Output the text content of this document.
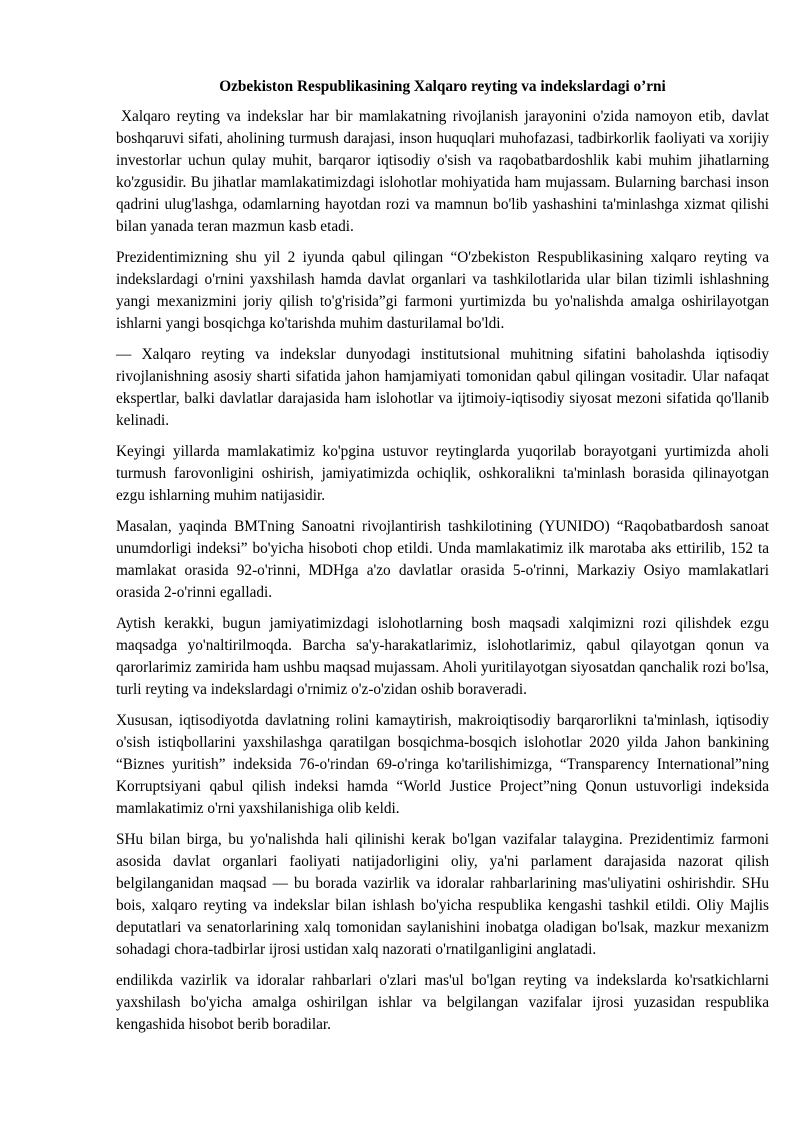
Ozbekiston Respublikasining Xalqaro reyting va indekslardagi o’rni

Xalqaro reyting va indekslar har bir mamlakatning rivojlanish jarayonini o'zida namoyon etib, davlat boshqaruvi sifati, aholining turmush darajasi, inson huquqlari muhofazasi, tadbirkorlik faoliyati va xorijiy investorlar uchun qulay muhit, barqaror iqtisodiy o'sish va raqobatbardoshlik kabi muhim jihatlarning ko'zgusidir. Bu jihatlar mamlakatimizdagi islohotlar mohiyatida ham mujassam. Bularning barchasi inson qadrini ulug'lashga, odamlarning hayotdan rozi va mamnun bo'lib yashashini ta'minlashga xizmat qilishi bilan yanada teran mazmun kasb etadi.

Prezidentimizning shu yil 2 iyunda qabul qilingan “O'zbekiston Respublikasining xalqaro reyting va indekslardagi o'rnini yaxshilash hamda davlat organlari va tashkilotlarida ular bilan tizimli ishlashning yangi mexanizmini joriy qilish to'g'risida”gi farmoni yurtimizda bu yo'nalishda amalga oshirilayotgan ishlarni yangi bosqichga ko'tarishda muhim dasturilamal bo'ldi.

— Xalqaro reyting va indekslar dunyodagi institutsional muhitning sifatini baholashda iqtisodiy rivojlanishning asosiy sharti sifatida jahon hamjamiyati tomonidan qabul qilingan vositadir. Ular nafaqat ekspertlar, balki davlatlar darajasida ham islohotlar va ijtimoiy-iqtisodiy siyosat mezoni sifatida qo'llanib kelinadi.

Keyingi yillarda mamlakatimiz ko'pgina ustuvor reytinglarda yuqorilab borayotgani yurtimizda aholi turmush farovonligini oshirish, jamiyatimizda ochiqlik, oshkoralikni ta'minlash borasida qilinayotgan ezgu ishlarning muhim natijasidir.

Masalan, yaqinda BMTning Sanoatni rivojlantirish tashkilotining (YUNIDO) “Raqobatbardosh sanoat unumdorligi indeksi” bo'yicha hisoboti chop etildi. Unda mamlakatimiz ilk marotaba aks ettirilib, 152 ta mamlakat orasida 92-o'rinni, MDHga a'zo davlatlar orasida 5-o'rinni, Markaziy Osiyo mamlakatlari orasida 2-o'rinni egalladi.

Aytish kerakki, bugun jamiyatimizdagi islohotlarning bosh maqsadi xalqimizni rozi qilishdek ezgu maqsadga yo'naltirilmoqda. Barcha sa'y-harakatlarimiz, islohotlarimiz, qabul qilayotgan qonun va qarorlarimiz zamirida ham ushbu maqsad mujassam. Aholi yuritilayotgan siyosatdan qanchalik rozi bo'lsa, turli reyting va indekslardagi o'rnimiz o'z-o'zidan oshib boraveradi.

Xususan, iqtisodiyotda davlatning rolini kamaytirish, makroiqtisodiy barqarorlikni ta'minlash, iqtisodiy o'sish istiqbollarini yaxshilashga qaratilgan bosqichma-bosqich islohotlar 2020 yilda Jahon bankining “Biznes yuritish” indeksida 76-o'rindan 69-o'ringa ko'tarilishimizga, “Transparency International”ning Korruptsiyani qabul qilish indeksi hamda “World Justice Project”ning Qonun ustuvorligi indeksida mamlakatimiz o'rni yaxshilanishiga olib keldi.

SHu bilan birga, bu yo'nalishda hali qilinishi kerak bo'lgan vazifalar talaygina. Prezidentimiz farmoni asosida davlat organlari faoliyati natijadorligini oliy, ya'ni parlament darajasida nazorat qilish belgilanganidan maqsad — bu borada vazirlik va idoralar rahbarlarining mas'uliyatini oshirishdir. SHu bois, xalqaro reyting va indekslar bilan ishlash bo'yicha respublika kengashi tashkil etildi. Oliy Majlis deputatlari va senatorlarining xalq tomonidan saylanishini inobatga oladigan bo'lsak, mazkur mexanizm sohadagi chora-tadbirlar ijrosi ustidan xalq nazorati o'rnatilganligini anglatadi.

endilikda vazirlik va idoralar rahbarlari o'zlari mas'ul bo'lgan reyting va indekslarda ko'rsatkichlarni yaxshilash bo'yicha amalga oshirilgan ishlar va belgilangan vazifalar ijrosi yuzasidan respublika kengashida hisobot berib boradilar.
